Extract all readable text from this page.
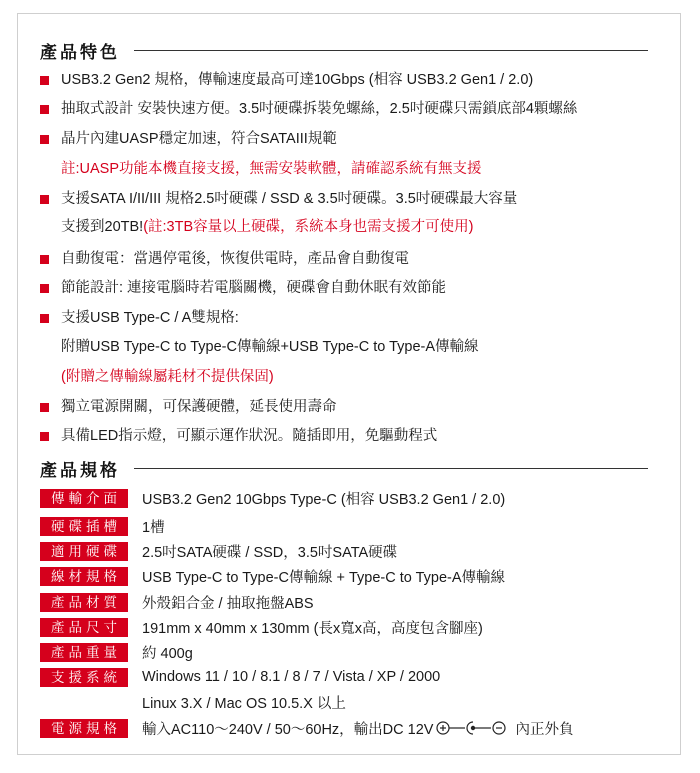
產品特色
USB3.2 Gen2 規格，傳輸速度最高可達10Gbps (相容 USB3.2 Gen1 / 2.0)
抽取式設計 安裝快速方便。3.5吋硬碟拆裝免螺絲，2.5吋硬碟只需鎖底部4顆螺絲
晶片內建UASP穩定加速，符合SATAIII規範
註:UASP功能本機直接支援，無需安裝軟體，請確認系統有無支援
支援SATA I/II/III 規格2.5吋硬碟 / SSD & 3.5吋硬碟。3.5吋硬碟最大容量
支援到20TB! (註:3TB容量以上硬碟，系統本身也需支援才可使用)
自動復電：當遇停電後，恢復供電時，產品會自動復電
節能設計: 連接電腦時若電腦關機，硬碟會自動休眠有效節能
支援USB Type-C / A雙規格:
附贈USB Type-C to Type-C傳輸線+USB Type-C to Type-A傳輸線
(附贈之傳輸線屬耗材不提供保固)
獨立電源開關，可保護硬體，延長使用壽命
具備LED指示燈，可顯示運作狀況。隨插即用，免驅動程式
產品規格
傳輸介面	USB3.2 Gen2 10Gbps Type-C (相容 USB3.2 Gen1 / 2.0)
硬碟插槽	1槽
適用硬碟	2.5吋SATA硬碟 / SSD，3.5吋SATA硬碟
線材規格	USB Type-C to Type-C傳輸線 + Type-C to Type-A傳輸線
產品材質	外殼鋁合金 / 抽取拖盤ABS
產品尺寸	191mm x 40mm x 130mm (長x寬x高，高度包含腳座)
產品重量	約 400g
支援系統	Windows 11 / 10 / 8.1 / 8 / 7 / Vista / XP / 2000
Linux 3.X / Mac OS 10.5.X 以上
電源規格	輸入AC110～240V / 50～60Hz，輸出DC 12V	內正外負
